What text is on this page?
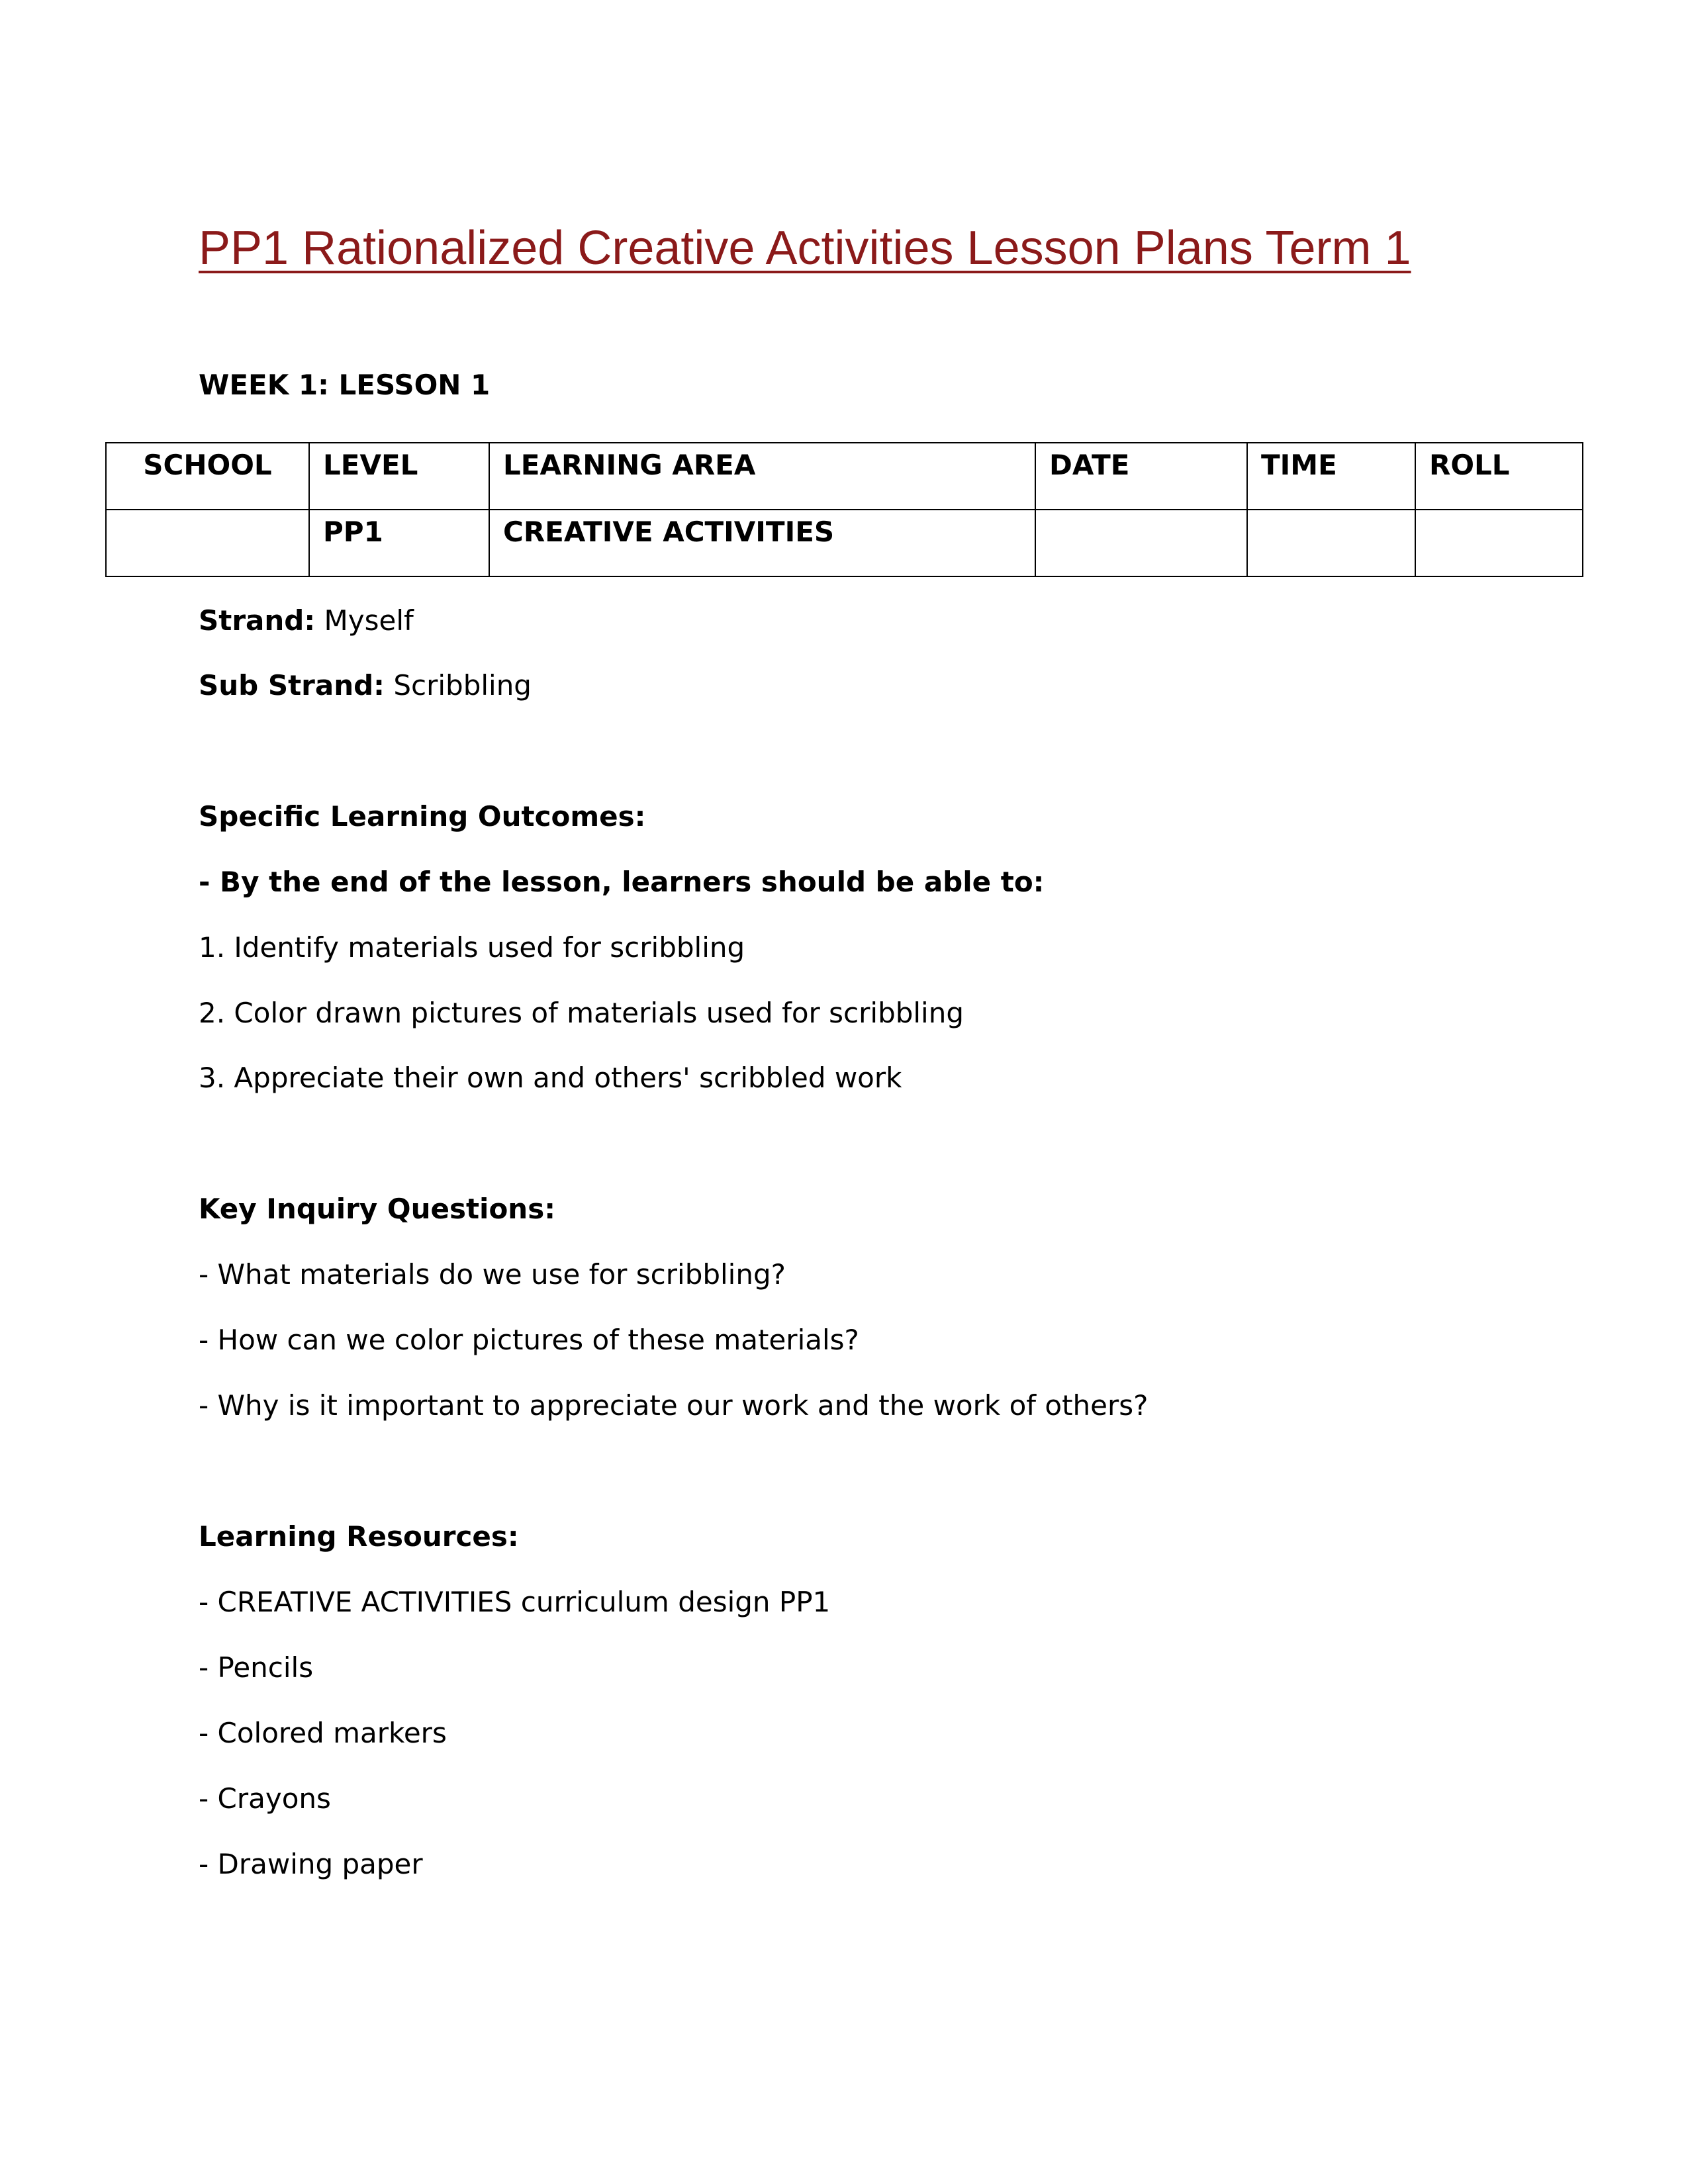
PP1 Rationalized Creative Activities Lesson Plans Term 1
WEEK 1: LESSON 1
SCHOOL	LEVEL	LEARNING AREA	DATE	TIME	ROLL
	PP1	CREATIVE ACTIVITIES			
Strand: Myself
Sub Strand: Scribbling
Specific Learning Outcomes:
- By the end of the lesson, learners should be able to:
1. Identify materials used for scribbling
2. Color drawn pictures of materials used for scribbling
3. Appreciate their own and others' scribbled work
Key Inquiry Questions:
- What materials do we use for scribbling?
- How can we color pictures of these materials?
- Why is it important to appreciate our work and the work of others?
Learning Resources:
- CREATIVE ACTIVITIES curriculum design PP1
- Pencils
- Colored markers
- Crayons
- Drawing paper
